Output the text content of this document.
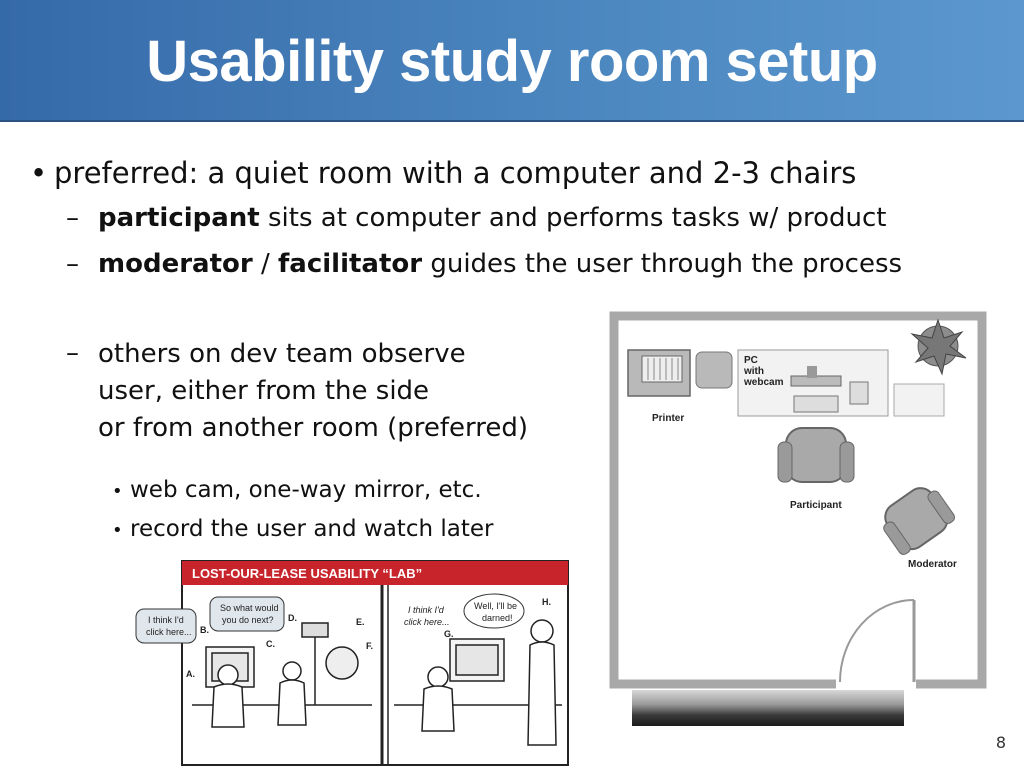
Usability study room setup
• preferred: a quiet room with a computer and 2-3 chairs
– participant sits at computer and performs tasks w/ product
– moderator / facilitator guides the user through the process
– others on dev team observe
user, either from the side
or from another room (preferred)
• web cam, one-way mirror, etc.
• record the user and watch later
Printer
PC
with
webcam
Participant
Moderator
LOST-OUR-LEASE USABILITY “LAB”
I think I'd
click here...
So what would
you do next?
I think I'd
click here...
Well, I'll be
darned!
A.
B.
C.
D.	E.
F.
G.
H.
8
